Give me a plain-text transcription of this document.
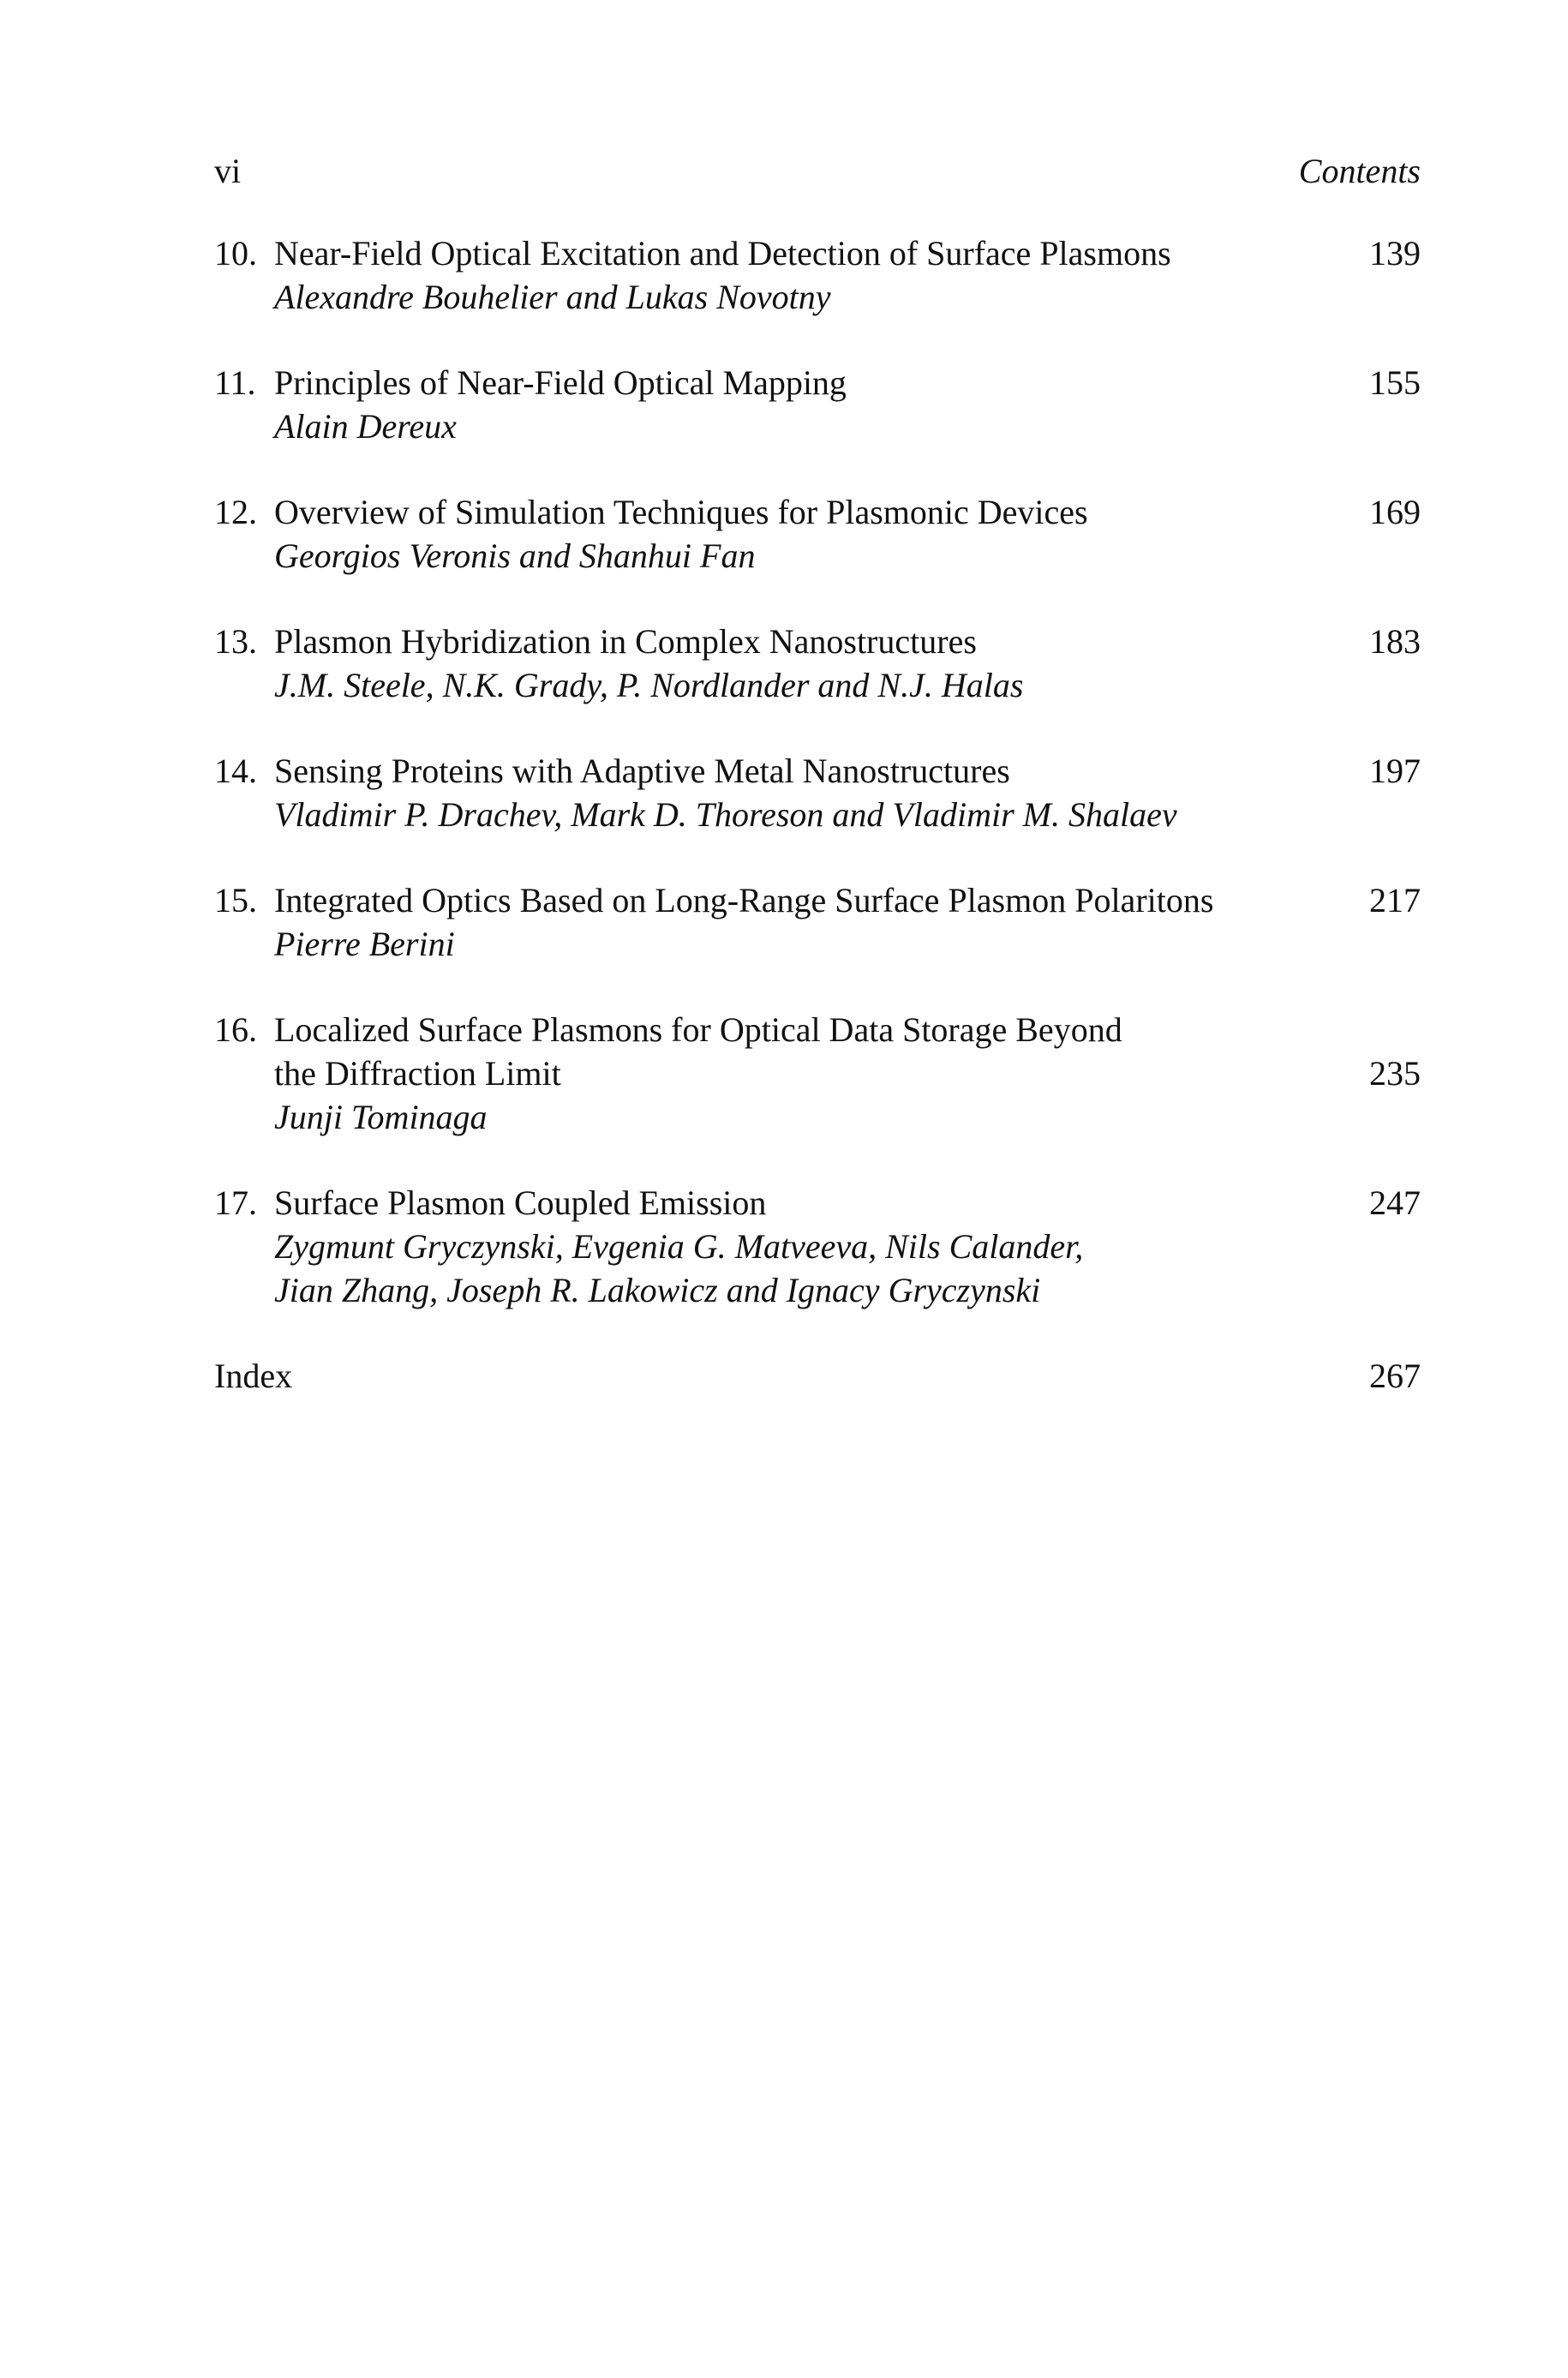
vi	Contents
10. Near-Field Optical Excitation and Detection of Surface Plasmons
Alexandre Bouhelier and Lukas Novotny
139
11. Principles of Near-Field Optical Mapping
Alain Dereux
155
12. Overview of Simulation Techniques for Plasmonic Devices
Georgios Veronis and Shanhui Fan
169
13. Plasmon Hybridization in Complex Nanostructures
J.M. Steele, N.K. Grady, P. Nordlander and N.J. Halas
183
14. Sensing Proteins with Adaptive Metal Nanostructures
Vladimir P. Drachev, Mark D. Thoreson and Vladimir M. Shalaev
197
15. Integrated Optics Based on Long-Range Surface Plasmon Polaritons
Pierre Berini
217
16. Localized Surface Plasmons for Optical Data Storage Beyond
the Diffraction Limit
Junji Tominaga
235
17. Surface Plasmon Coupled Emission
Zygmunt Gryczynski, Evgenia G. Matveeva, Nils Calander,
Jian Zhang, Joseph R. Lakowicz and Ignacy Gryczynski
247
Index	267
